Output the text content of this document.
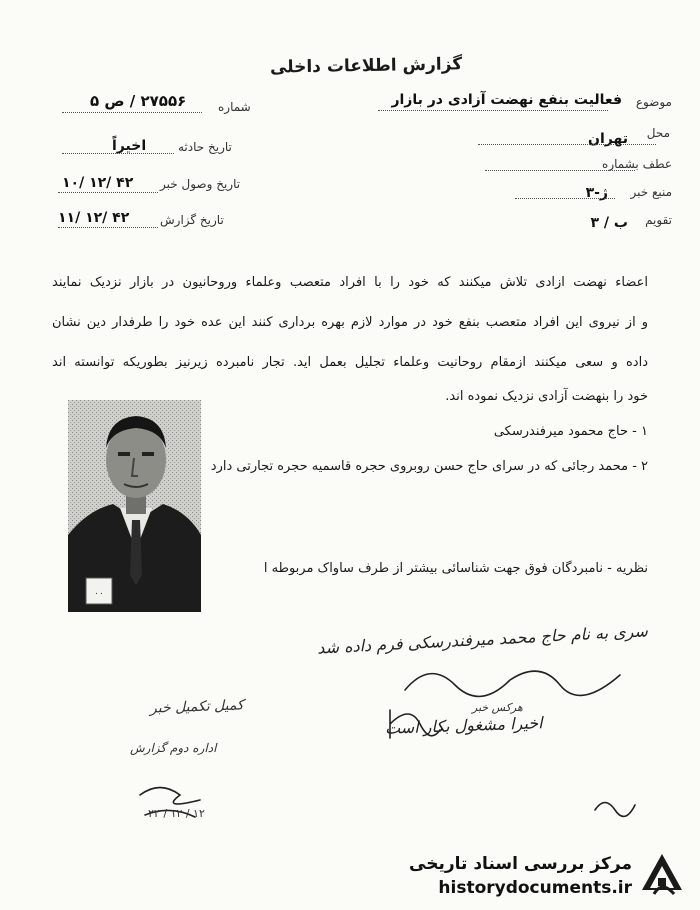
گزارش اطلاعات داخلی
موضوع
فعالیت بنفع نهضت آزادی در بازار
محل
تهران
عطف بشماره
منبع خبر
ژ-۳
تقویم
ب / ۳
شماره
۲۷۵۵۶ / ص ۵
تاریخ حادثه
اخیراً
تاریخ وصول خبر
۱۰/ ۱۲/ ۴۲
تاریخ گزارش
۱۱/ ۱۲/ ۴۲
اعضاء نهضت آزادی تلاش میکنند که خود را با افراد متعصب وعلماء وروحانیون در بازار نزدیک نمایند
و از نیروی این افراد متعصب بنفع خود در موارد لازم بهره برداری کنند این عده خود را طرفدار دین نشان
داده و سعی میکنند ازمقام روحانیت وعلماء تجلیل بعمل آید. تجار نامبرده زیرنیز بطوریکه توانسته اند
خود را بنهضت آزادی نزدیک نموده اند.
۱ - حاج محمود میرفندرسکی
۲ - محمد رجائی که در سرای حاج حسن روبروی حجره قاسمیه حجره تجارتی دارد
۰۰
نظریه - نامبردگان فوق جهت شناسائی بیشتر از طرف ساواک مربوطه ا
سری به نام حاج محمد میرفندرسکی فرم داده شد
هرکس خبر
اخیرا مشغول بکار است
کمیل تکمیل خبر
اداره دوم گزارش
۲۲ / ۱۲ / ۱۲
مرکز بررسی اسناد تاریخی
historydocuments.ir
